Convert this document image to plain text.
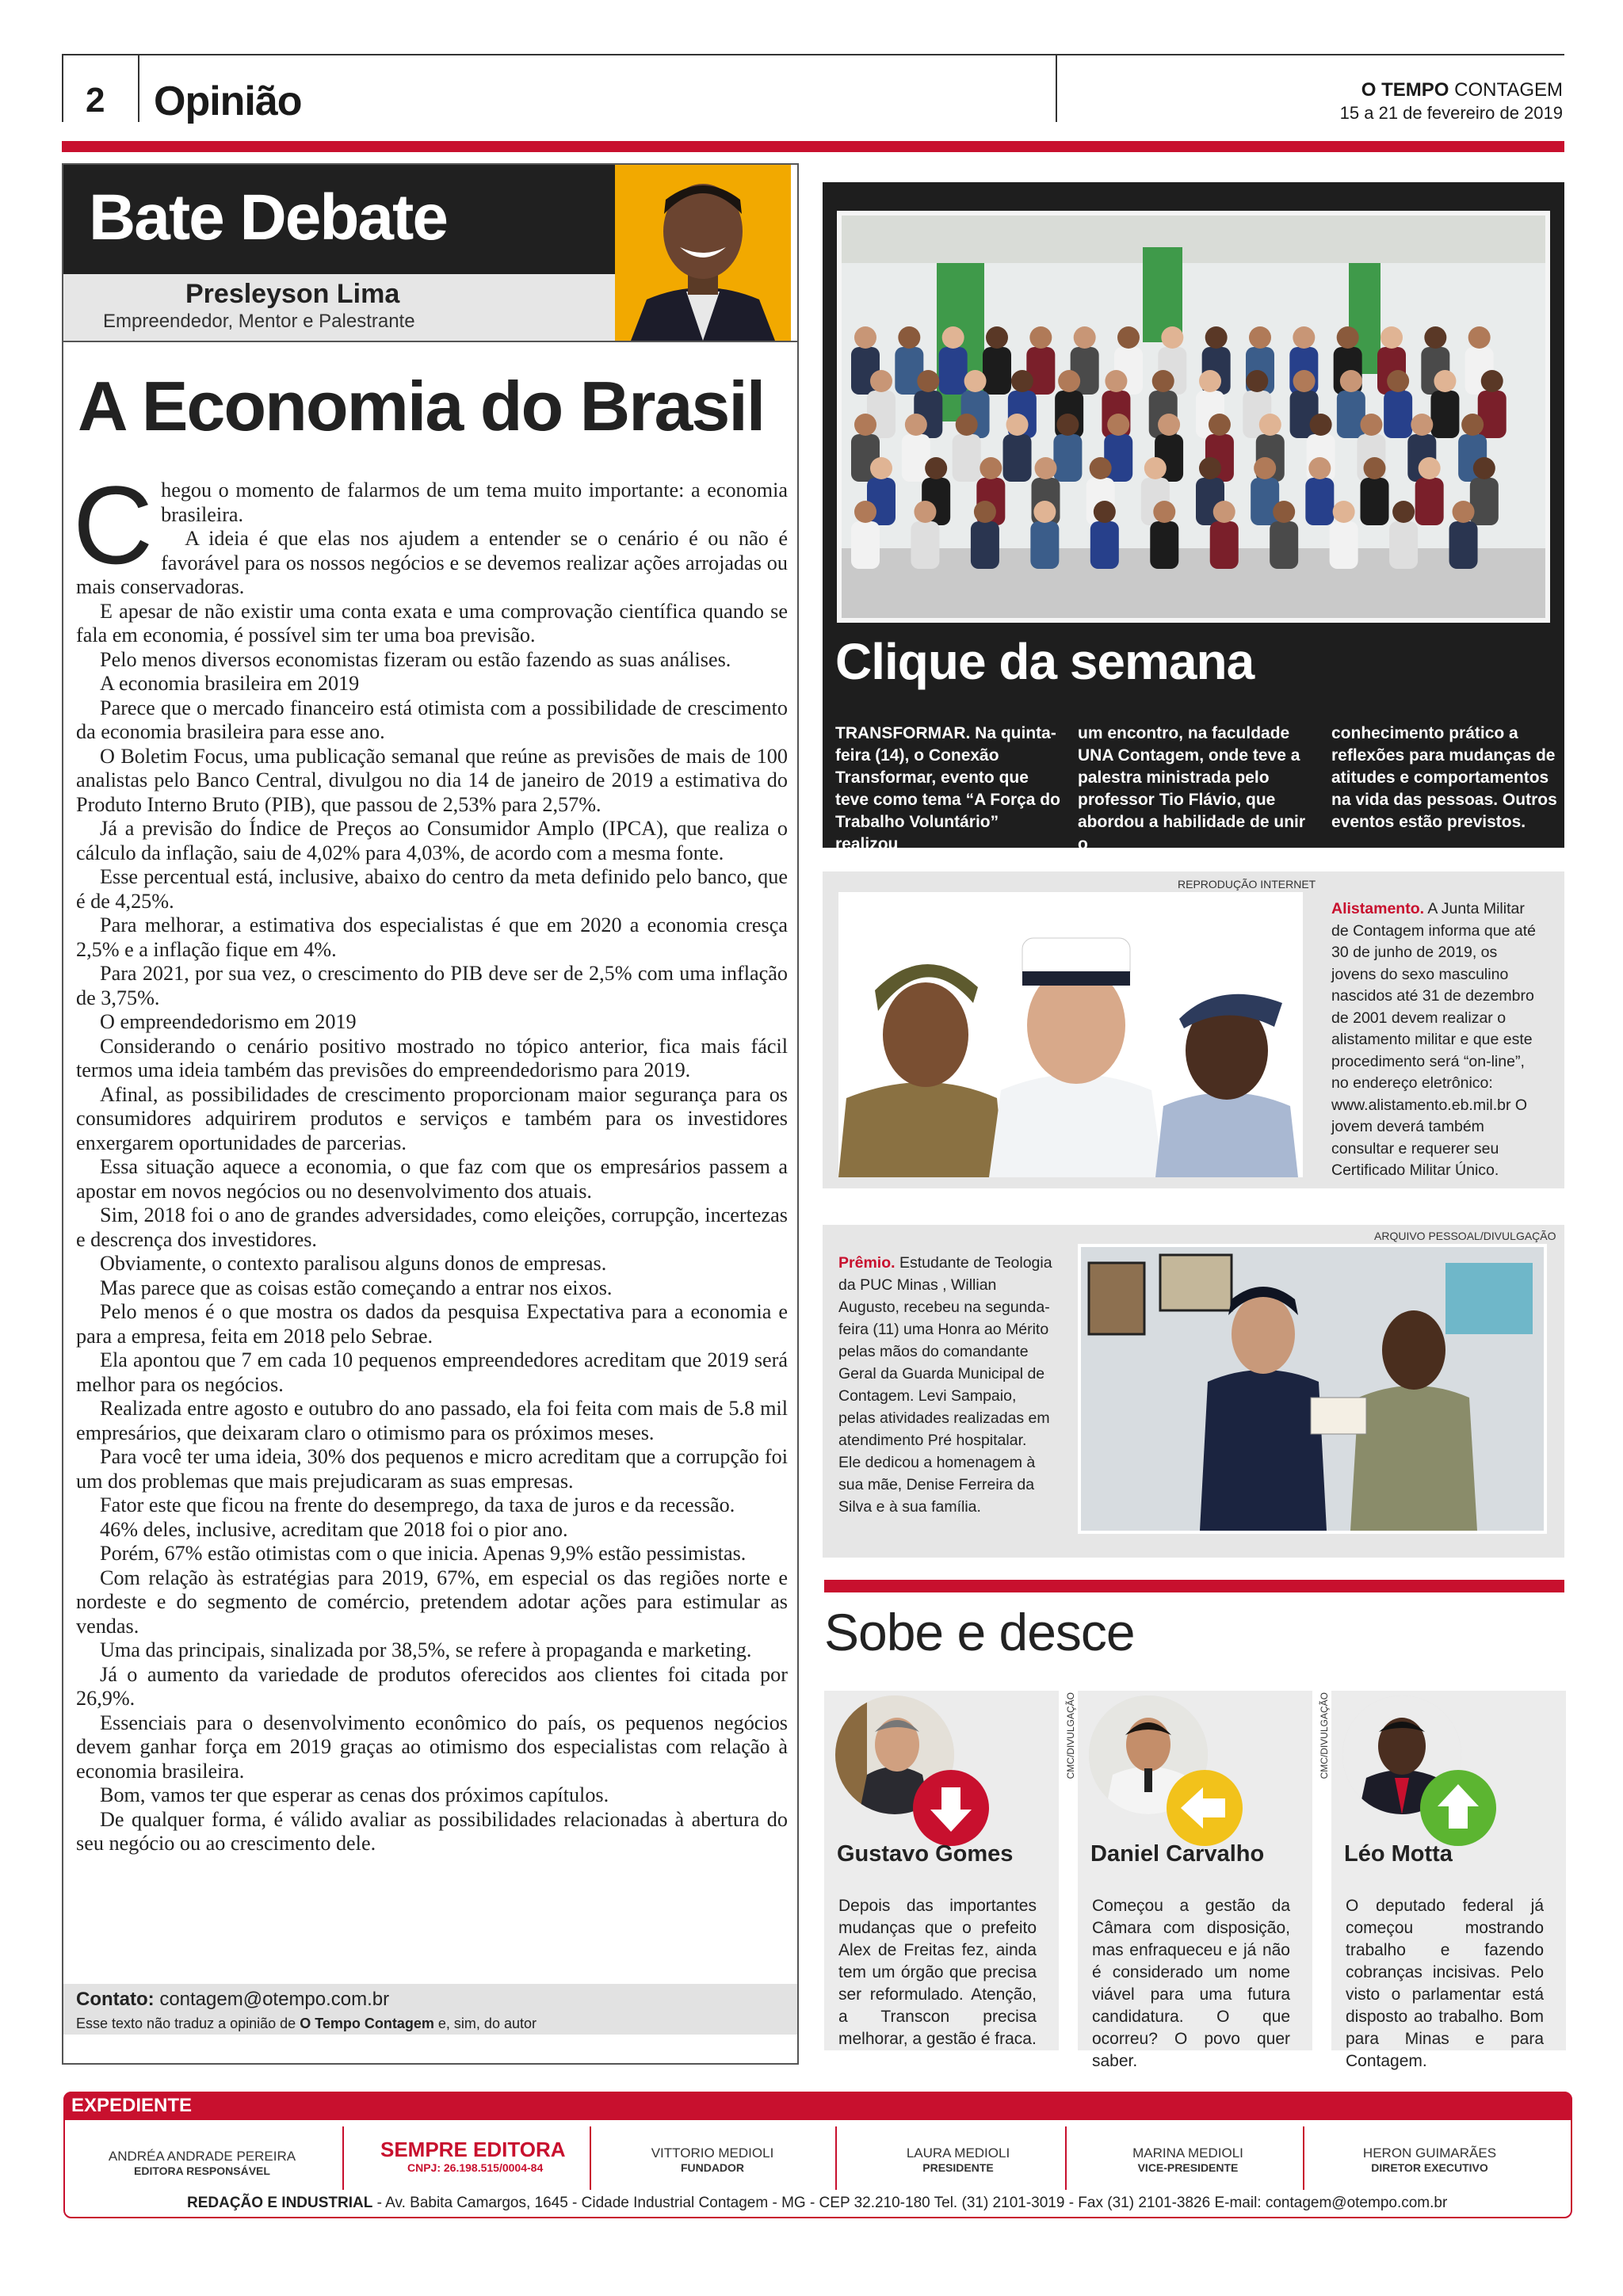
2 Opinião	O TEMPO CONTAGEM
15 a 21 de fevereiro de 2019
Bate Debate
Presleyson Lima
Empreendedor, Mentor e Palestrante
A Economia do Brasil
C hegou o momento de falarmos de um tema muito importante: a economia brasileira.

A ideia é que elas nos ajudem a entender se o cenário é ou não é favorável para os nossos negócios e se devemos realizar ações arrojadas ou mais conservadoras.

E apesar de não existir uma conta exata e uma comprovação científica quando se fala em economia, é possível sim ter uma boa previsão.

Pelo menos diversos economistas fizeram ou estão fazendo as suas análises.

A economia brasileira em 2019

Parece que o mercado financeiro está otimista com a possibilidade de crescimento da economia brasileira para esse ano.

O Boletim Focus, uma publicação semanal que reúne as previsões de mais de 100 analistas pelo Banco Central, divulgou no dia 14 de janeiro de 2019 a estimativa do Produto Interno Bruto (PIB), que passou de 2,53% para 2,57%.

Já a previsão do Índice de Preços ao Consumidor Amplo (IPCA), que realiza o cálculo da inflação, saiu de 4,02% para 4,03%, de acordo com a mesma fonte.

Esse percentual está, inclusive, abaixo do centro da meta definido pelo banco, que é de 4,25%.

Para melhorar, a estimativa dos especialistas é que em 2020 a economia cresça 2,5% e a inflação fique em 4%.

Para 2021, por sua vez, o crescimento do PIB deve ser de 2,5% com uma inflação de 3,75%.

O empreendedorismo em 2019

Considerando o cenário positivo mostrado no tópico anterior, fica mais fácil termos uma ideia também das previsões do empreendedorismo para 2019.

Afinal, as possibilidades de crescimento proporcionam maior segurança para os consumidores adquirirem produtos e serviços e também para os investidores enxergarem oportunidades de parcerias.

Essa situação aquece a economia, o que faz com que os empresários passem a apostar em novos negócios ou no desenvolvimento dos atuais.

Sim, 2018 foi o ano de grandes adversidades, como eleições, corrupção, incertezas e descrença dos investidores.

Obviamente, o contexto paralisou alguns donos de empresas.

Mas parece que as coisas estão começando a entrar nos eixos.

Pelo menos é o que mostra os dados da pesquisa Expectativa para a economia e para a empresa, feita em 2018 pelo Sebrae.

Ela apontou que 7 em cada 10 pequenos empreendedores acreditam que 2019 será melhor para os negócios.

Realizada entre agosto e outubro do ano passado, ela foi feita com mais de 5.8 mil empresários, que deixaram claro o otimismo para os próximos meses.

Para você ter uma ideia, 30% dos pequenos e micro acreditam que a corrupção foi um dos problemas que mais prejudicaram as suas empresas.

Fator este que ficou na frente do desemprego, da taxa de juros e da recessão.

46% deles, inclusive, acreditam que 2018 foi o pior ano.

Porém, 67% estão otimistas com o que inicia. Apenas 9,9% estão pessimistas.

Com relação às estratégias para 2019, 67%, em especial os das regiões norte e nordeste e do segmento de comércio, pretendem adotar ações para estimular as vendas.

Uma das principais, sinalizada por 38,5%, se refere à propaganda e marketing.

Já o aumento da variedade de produtos oferecidos aos clientes foi citada por 26,9%.

Essenciais para o desenvolvimento econômico do país, os pequenos negócios devem ganhar força em 2019 graças ao otimismo dos especialistas com relação à economia brasileira.

Bom, vamos ter que esperar as cenas dos próximos capítulos.

De qualquer forma, é válido avaliar as possibilidades relacionadas à abertura do seu negócio ou ao crescimento dele.

Contato: contagem@otempo.com.br
Esse texto não traduz a opinião de O Tempo Contagem e, sim, do autor
Clique da semana
TRANSFORMAR. Na quinta-feira (14), o Conexão Transformar, evento que teve como tema “A Força do Trabalho Voluntário” realizou
um encontro, na faculdade UNA Contagem, onde teve a palestra ministrada pelo professor Tio Flávio, que abordou a habilidade de unir o
conhecimento prático a reflexões para mudanças de atitudes e comportamentos na vida das pessoas. Outros eventos estão previstos.
REPRODUÇÃO INTERNET
Alistamento. A Junta Militar de Contagem informa que até 30 de junho de 2019, os jovens do sexo masculino nascidos até 31 de dezembro de 2001 devem realizar o alistamento militar e que este procedimento será “on-line”, no endereço eletrônico: www.alistamento.eb.mil.br O jovem deverá também consultar e requerer seu Certificado Militar Único.
ARQUIVO PESSOAL/DIVULGAÇÃO
Prêmio. Estudante de Teologia da PUC Minas , Willian Augusto, recebeu na segunda-feira (11) uma Honra ao Mérito pelas mãos do comandante Geral da Guarda Municipal de Contagem. Levi Sampaio, pelas atividades realizadas em atendimento Pré hospitalar. Ele dedicou a homenagem à sua mãe, Denise Ferreira da Silva e à sua família.
Sobe e desce
Gustavo Gomes
Depois das importantes mudanças que o prefeito Alex de Freitas fez, ainda tem um órgão que precisa ser reformulado. Atenção, a Transcon precisa melhorar, a gestão é fraca.
CMC/DIVULGAÇÃO
Daniel Carvalho
Começou a gestão da Câmara com disposição, mas enfraqueceu e já não é considerado um nome viável para uma futura candidatura. O que ocorreu? O povo quer saber.
CMC/DIVULGAÇÃO
Léo Motta
O deputado federal já começou mostrando trabalho e fazendo cobranças incisivas. Pelo visto o parlamentar está disposto ao trabalho. Bom para Minas e para Contagem.
EXPEDIENTE
ANDRÉA ANDRADE PEREIRA
EDITORA RESPONSÁVEL
SEMPRE EDITORA
CNPJ: 26.198.515/0004-84
VITTORIO MEDIOLI
FUNDADOR
LAURA MEDIOLI
PRESIDENTE
MARINA MEDIOLI
VICE-PRESIDENTE
HERON GUIMARÃES
DIRETOR EXECUTIVO
REDAÇÃO E INDUSTRIAL - Av. Babita Camargos, 1645 - Cidade Industrial Contagem - MG - CEP 32.210-180 Tel. (31) 2101-3019 - Fax (31) 2101-3826 E-mail: contagem@otempo.com.br
